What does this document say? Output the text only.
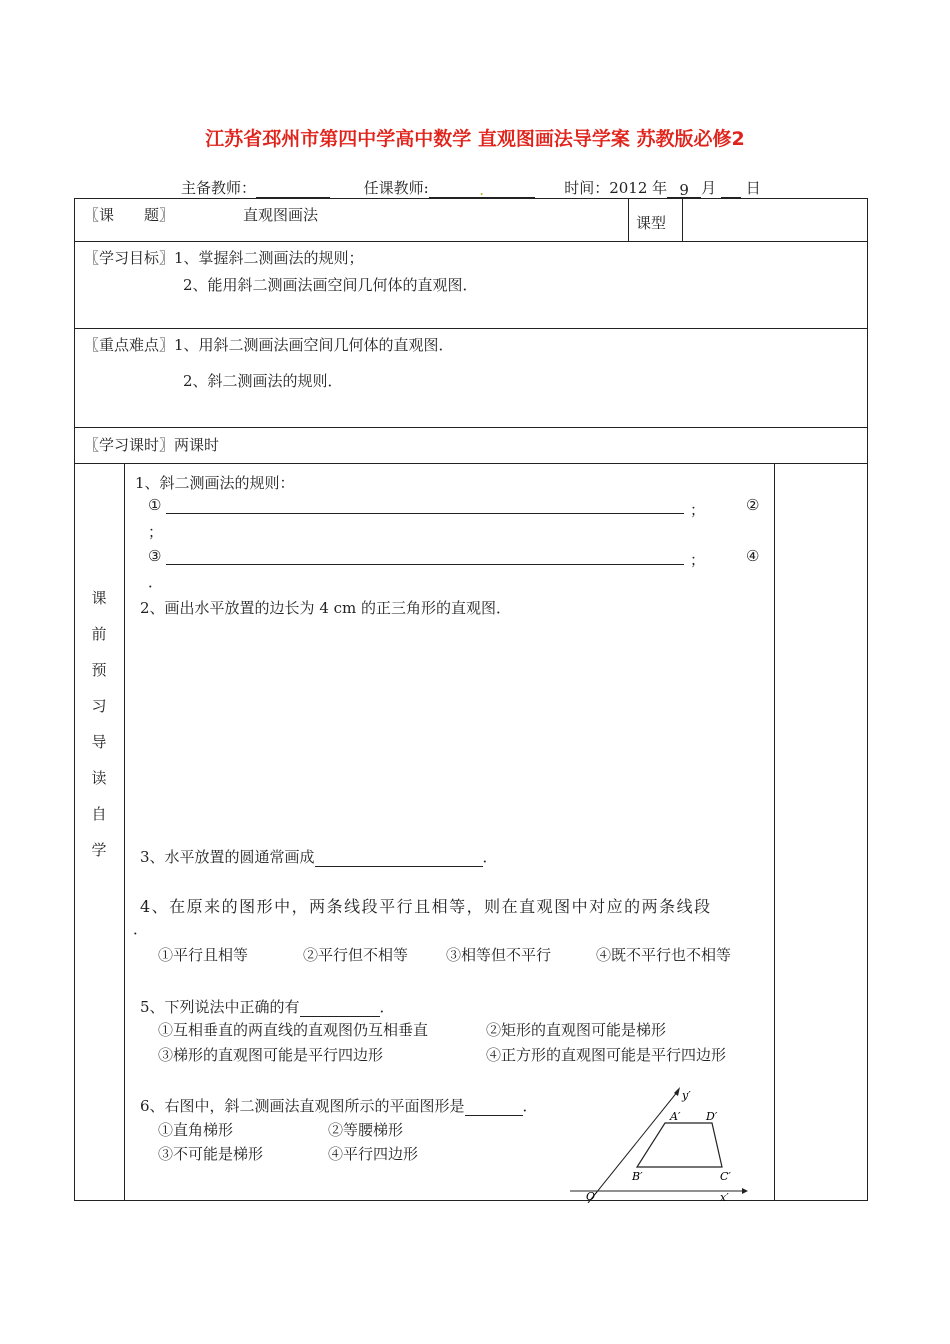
江苏省邳州市第四中学高中数学 直观图画法导学案 苏教版必修2
主备教师：	任课教师:	.	时间：2012 年 9 月 日
〖课　　题〗	直观图画法	课型
〖学习目标〗1、掌握斜二测画法的规则；
2、能用斜二测画法画空间几何体的直观图．
〖重点难点〗1、用斜二测画法画空间几何体的直观图．
2、斜二测画法的规则．
〖学习课时〗两课时
课
前
预
习
导
读
自
学
1、斜二测画法的规则：
①	；	②
；
③	；	④
．
2、画出水平放置的边长为 4 cm 的正三角形的直观图．
3、水平放置的圆通常画成	．
4、在原来的图形中，两条线段平行且相等，则在直观图中对应的两条线段
．
①平行且相等	②平行但不相等	③相等但不平行	④既不平行也不相等
5、下列说法中正确的有	．
①互相垂直的两直线的直观图仍互相垂直	②矩形的直观图可能是梯形
③梯形的直观图可能是平行四边形	④正方形的直观图可能是平行四边形
6、右图中，斜二测画法直观图所示的平面图形是	．
①直角梯形	②等腰梯形
③不可能是梯形	④平行四边形
y′
x′
O′
A′ D′
B′	C′
